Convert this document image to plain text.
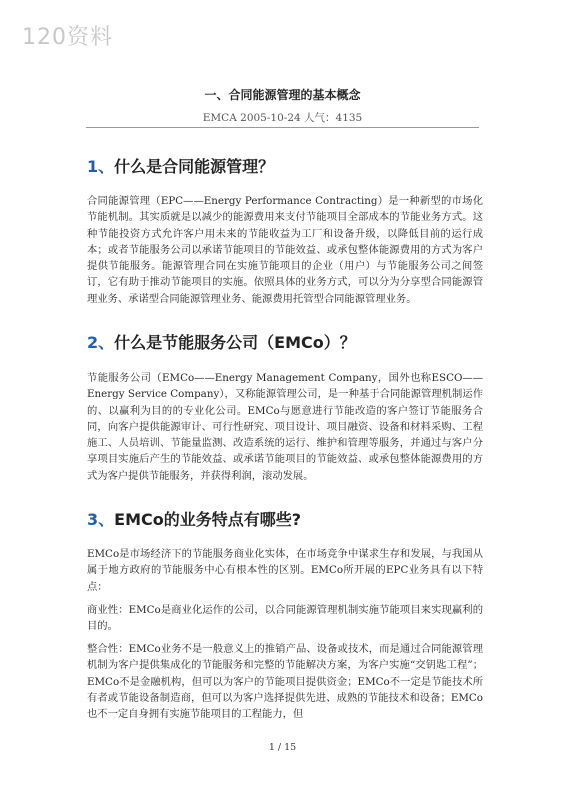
120资料
一、合同能源管理的基本概念
EMCA 2005-10-24 人气：4135
1、什么是合同能源管理？

合同能源管理（EPC——Energy Performance Contracting）是一种新型的市场化节能机制。其实质就是以减少的能源费用来支付节能项目全部成本的节能业务方式。这种节能投资方式允许客户用未来的节能收益为工厂和设备升级，以降低目前的运行成本；或者节能服务公司以承诺节能项目的节能效益、或承包整体能源费用的方式为客户提供节能服务。能源管理合同在实施节能项目的企业（用户）与节能服务公司之间签订，它有助于推动节能项目的实施。依照具体的业务方式，可以分为分享型合同能源管理业务、承诺型合同能源管理业务、能源费用托管型合同能源管理业务。

2、什么是节能服务公司（EMCo）？

节能服务公司（EMCo——Energy Management Company，国外也称ESCO——Energy Service Company），又称能源管理公司，是一种基于合同能源管理机制运作的、以赢利为目的的专业化公司。EMCo与愿意进行节能改造的客户签订节能服务合同，向客户提供能源审计、可行性研究、项目设计、项目融资、设备和材料采购、工程施工、人员培训、节能量监测、改造系统的运行、维护和管理等服务，并通过与客户分享项目实施后产生的节能效益、或承诺节能项目的节能效益、或承包整体能源费用的方式为客户提供节能服务，并获得利润，滚动发展。

3、EMCo的业务特点有哪些?

EMCo是市场经济下的节能服务商业化实体，在市场竞争中谋求生存和发展，与我国从属于地方政府的节能服务中心有根本性的区别。EMCo所开展的EPC业务具有以下特点：

商业性：EMCo是商业化运作的公司，以合同能源管理机制实施节能项目来实现赢利的目的。

整合性：EMCo业务不是一般意义上的推销产品、设备或技术，而是通过合同能源管理机制为客户提供集成化的节能服务和完整的节能解决方案，为客户实施“交钥匙工程”；EMCo不是金融机构，但可以为客户的节能项目提供资金；EMCo不一定是节能技术所有者或节能设备制造商，但可以为客户选择提供先进、成熟的节能技术和设备；EMCo也不一定自身拥有实施节能项目的工程能力，但

1 / 15
